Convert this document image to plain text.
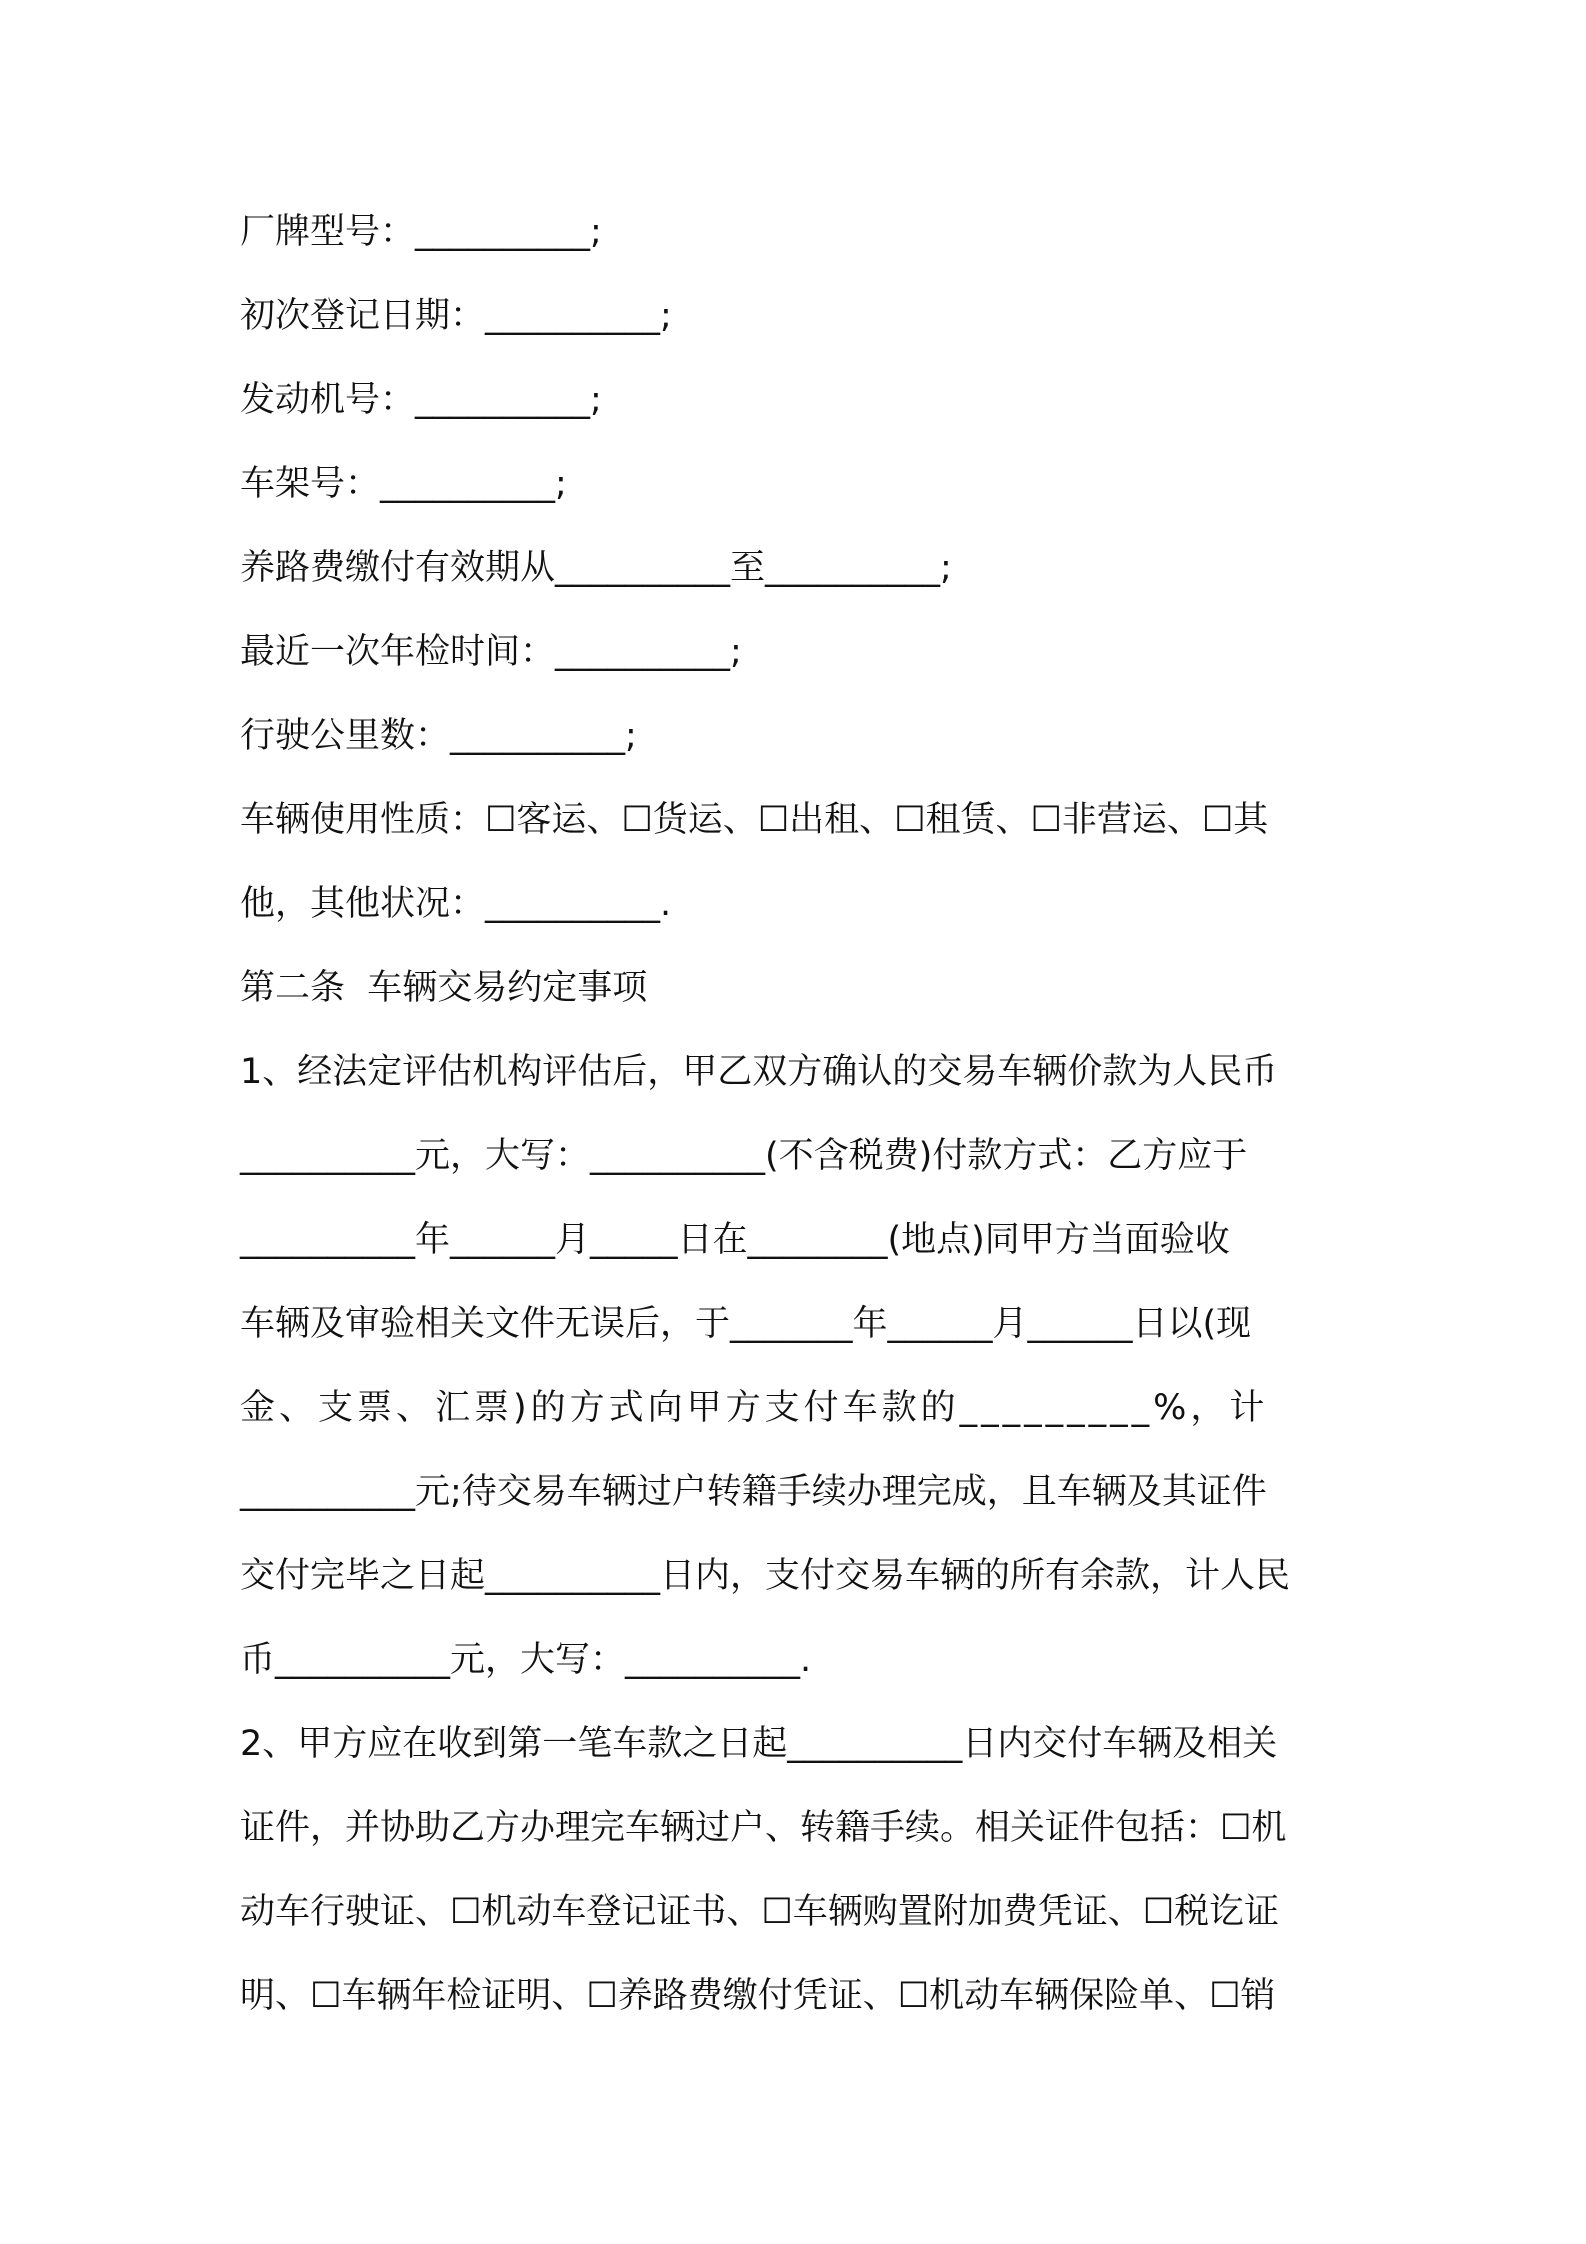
厂牌型号：__________;
初次登记日期：__________;
发动机号：__________;
车架号：__________;
养路费缴付有效期从__________至__________;
最近一次年检时间：__________;
行驶公里数：__________;
车辆使用性质：☐客运、☐货运、☐出租、☐租赁、☐非营运、☐其
他，其他状况：__________.
第二条  车辆交易约定事项
1、经法定评估机构评估后，甲乙双方确认的交易车辆价款为人民币
__________元，大写：__________(不含税费)付款方式：乙方应于
__________年______月_____日在________(地点)同甲方当面验收
车辆及审验相关文件无误后，于_______年______月______日以(现
金、支票、汇票)的方式向甲方支付车款的_________%，计
__________元;待交易车辆过户转籍手续办理完成，且车辆及其证件
交付完毕之日起__________日内，支付交易车辆的所有余款，计人民
币__________元，大写：__________.
2、甲方应在收到第一笔车款之日起__________日内交付车辆及相关
证件，并协助乙方办理完车辆过户、转籍手续。相关证件包括：☐机
动车行驶证、☐机动车登记证书、☐车辆购置附加费凭证、☐税讫证
明、☐车辆年检证明、☐养路费缴付凭证、☐机动车辆保险单、☐销
